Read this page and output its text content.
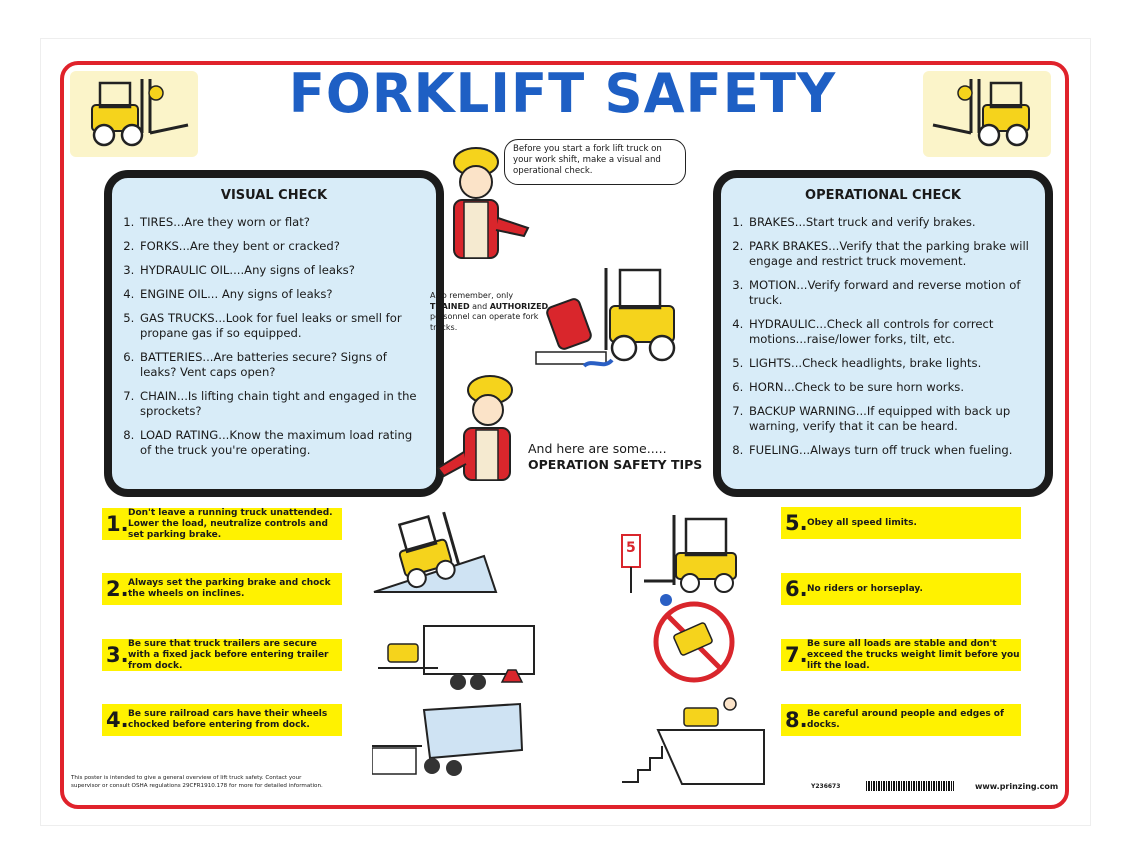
FORKLIFT SAFETY
VISUAL CHECK
1. TIRES...Are they worn or flat?
2. FORKS...Are they bent or cracked?
3. HYDRAULIC OIL....Any signs of leaks?
4. ENGINE OIL... Any signs of leaks?
5. GAS TRUCKS...Look for fuel leaks or smell for propane gas if so equipped.
6. BATTERIES...Are batteries secure? Signs of leaks? Vent caps open?
7. CHAIN...Is lifting chain tight and engaged in the sprockets?
8. LOAD RATING...Know the maximum load rating of the truck you're operating.
OPERATIONAL CHECK
1. BRAKES...Start truck and verify brakes.
2. PARK BRAKES...Verify that the parking brake will engage and restrict truck movement.
3. MOTION...Verify forward and reverse motion of truck.
4. HYDRAULIC...Check all controls for correct motions...raise/lower forks, tilt, etc.
5. LIGHTS...Check headlights, brake lights.
6. HORN...Check to be sure horn works.
7. BACKUP WARNING...If equipped with back up warning, verify that it can be heard.
8. FUELING...Always turn off truck when fueling.
Before you start a fork lift truck on your work shift, make a visual and operational check.
Also remember, only TRAINED and AUTHORIZED personnel can operate fork trucks.
And here are some.....
OPERATION SAFETY TIPS
1. Don't leave a running truck unattended. Lower the load, neutralize controls and set parking brake.
2. Always set the parking brake and chock the wheels on inclines.
3. Be sure that truck trailers are secure with a fixed jack before entering trailer from dock.
4. Be sure railroad cars have their wheels chocked before entering from dock.
5. Obey all speed limits.
6. No riders or horseplay.
7. Be sure all loads are stable and don't exceed the trucks weight limit before you lift the load.
8. Be careful around people and edges of docks.
5
This poster is intended to give a general overview of lift truck safety. Contact your supervisor or consult OSHA regulations 29CFR1910.178 for more for detailed information.	Y236673	www.prinzing.com
